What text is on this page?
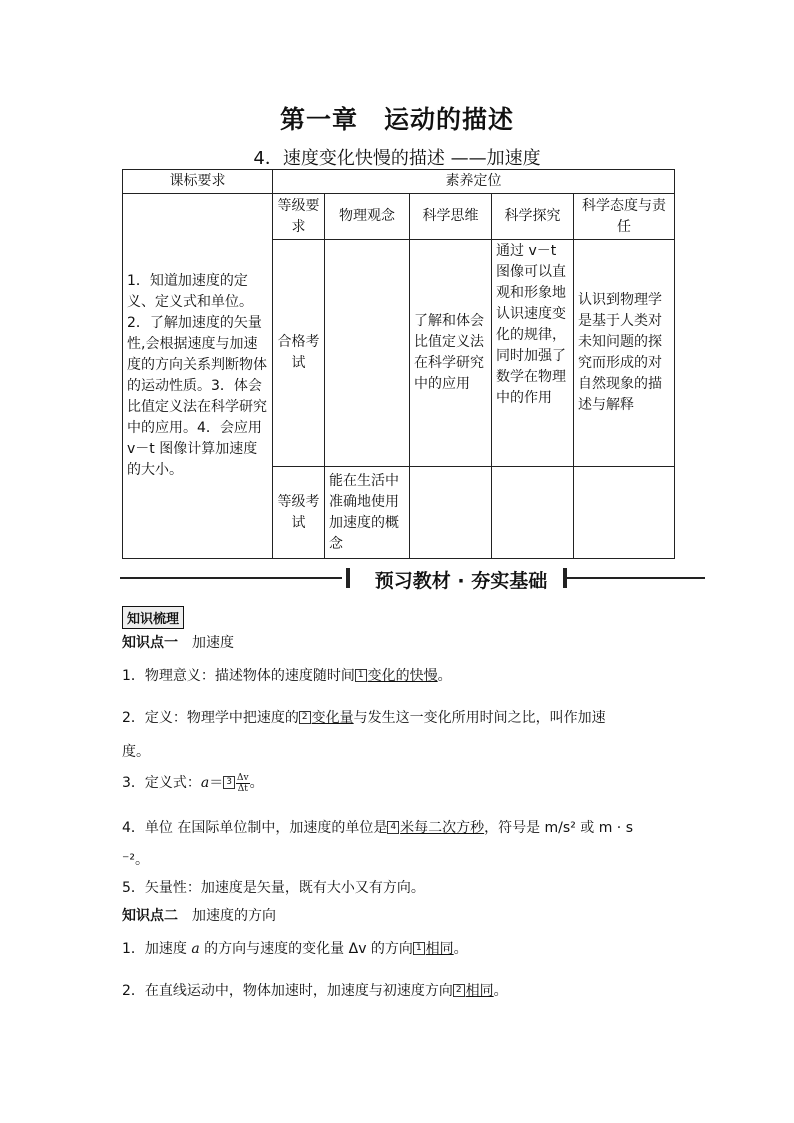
第一章　运动的描述
4．速度变化快慢的描述 ——加速度
课标要求	素养定位				
1．知道加速度的定义、定义式和单位。2．了解加速度的矢量性,会根据速度与加速度的方向关系判断物体的运动性质。3．体会比值定义法在科学研究中的应用。4．会应用 v－t 图像计算加速度的大小。	等级要求	物理观念	科学思维	科学探究	科学态度与责任
	合格考试		了解和体会比值定义法在科学研究中的应用	通过 v－t 图像可以直观和形象地认识速度变化的规律，同时加强了数学在物理中的作用	认识到物理学是基于人类对未知问题的探究而形成的对自然现象的描述与解释
	等级考试	能在生活中准确地使用加速度的概念			
预习教材 · 夯实基础
知识梳理
知识点一 加速度
1．物理意义：描述物体的速度随时间 1 变化的快慢。
2．定义：物理学中把速度的 2 变化量与发生这一变化所用时间之比，叫作加速
度。
3．定义式：$a= 3 \frac{\Delta v}{\Delta t}$ 。
4．单位 在国际单位制中，加速度的单位是 4 米每二次方秒，符号是 m/s² 或 m · s
⁻²。
5．矢量性：加速度是矢量，既有大小又有方向。
知识点二 加速度的方向
1．加速度 a 的方向与速度的变化量 Δv 的方向 1 相同。
2．在直线运动中，物体加速时，加速度与初速度方向 2 相同。
